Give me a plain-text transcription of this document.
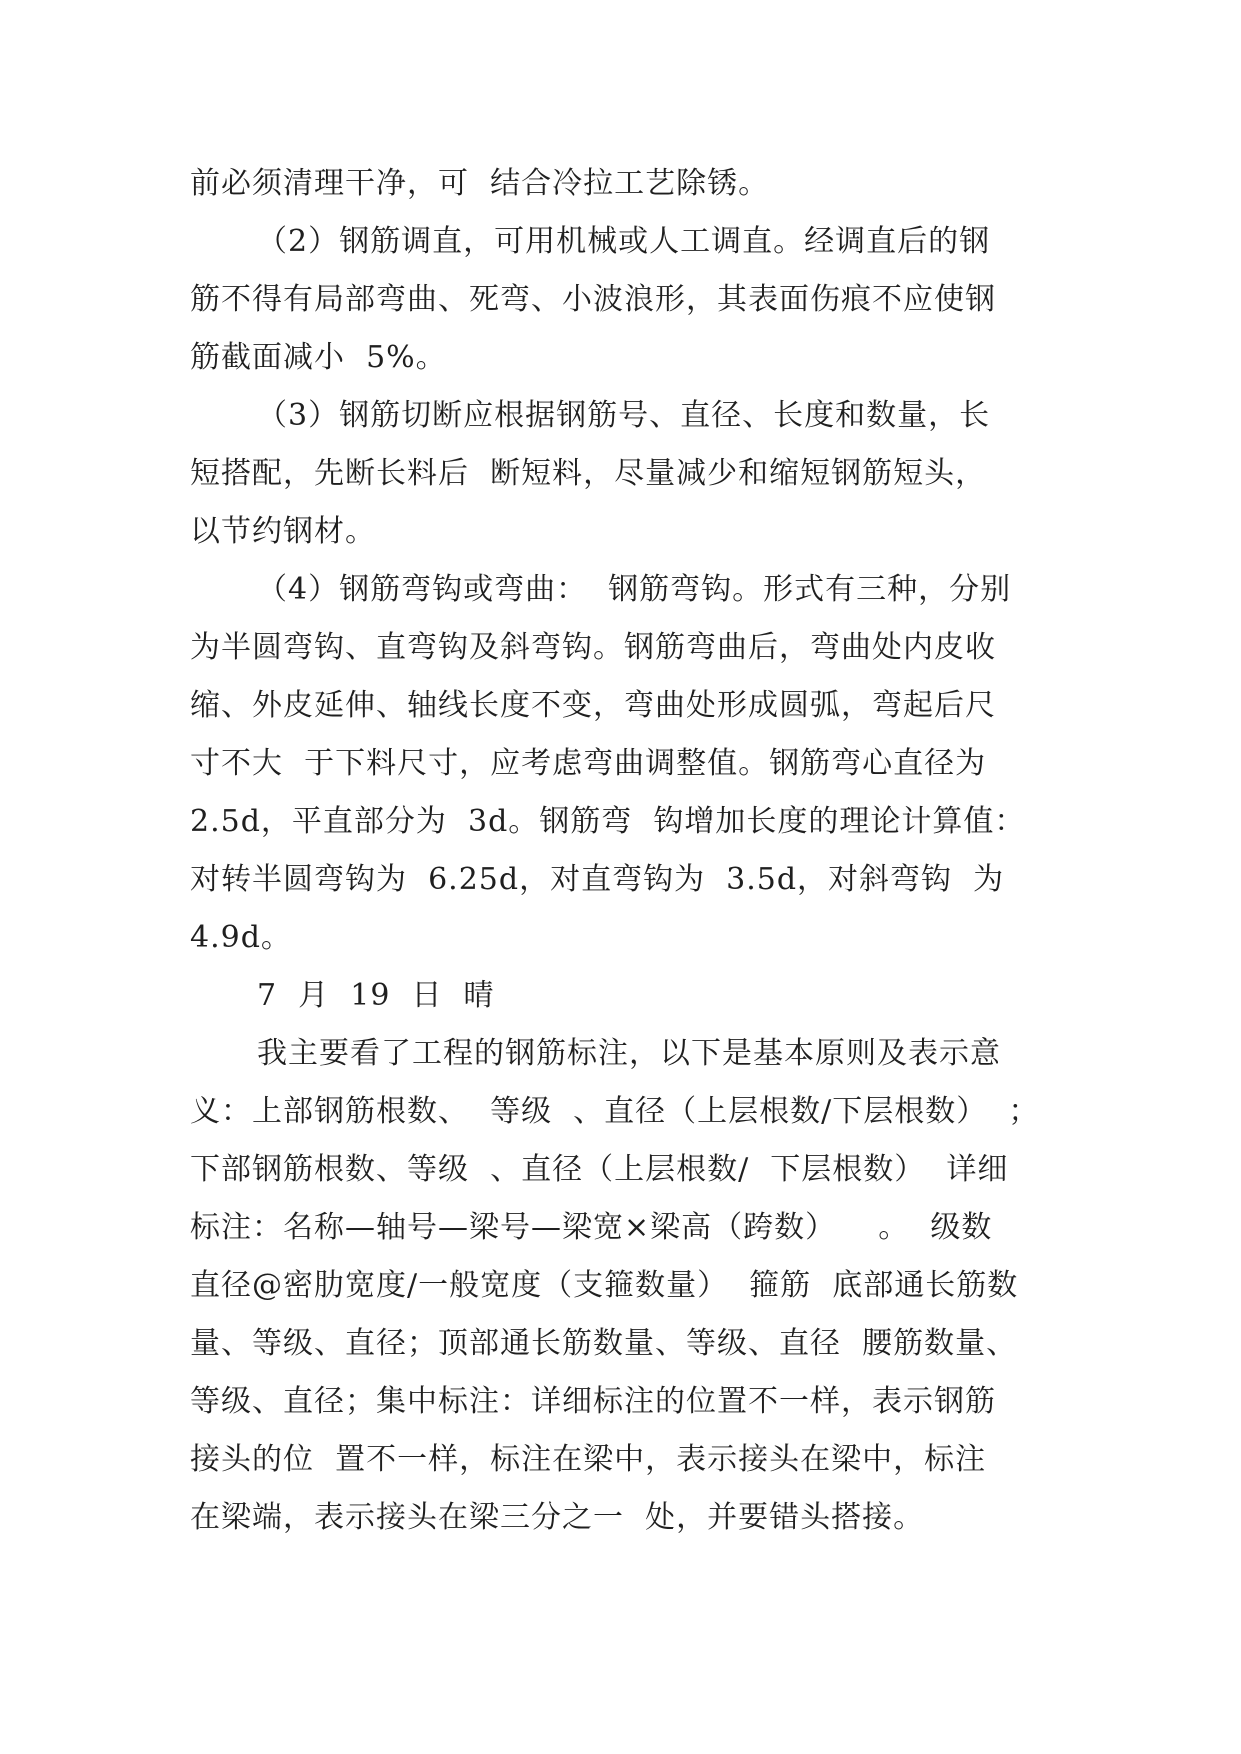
前必须清理干净，可  结合冷拉工艺除锈。
（2）钢筋调直，可用机械或人工调直。经调直后的钢
筋不得有局部弯曲、死弯、小波浪形，其表面伤痕不应使钢
筋截面减小  5%。
（3）钢筋切断应根据钢筋号、直径、长度和数量，长
短搭配，先断长料后  断短料，尽量减少和缩短钢筋短头，
以节约钢材。
（4）钢筋弯钩或弯曲：  钢筋弯钩。形式有三种，分别
为半圆弯钩、直弯钩及斜弯钩。钢筋弯曲后，弯曲处内皮收
缩、外皮延伸、轴线长度不变，弯曲处形成圆弧，弯起后尺
寸不大  于下料尺寸，应考虑弯曲调整值。钢筋弯心直径为
2.5d，平直部分为  3d。钢筋弯  钩增加长度的理论计算值：
对转半圆弯钩为  6.25d，对直弯钩为  3.5d，对斜弯钩  为
4.9d。
7  月  19  日  晴
我主要看了工程的钢筋标注，以下是基本原则及表示意
义：上部钢筋根数、  等级  、直径（上层根数/下层根数）  ；
下部钢筋根数、等级  、直径（上层根数/  下层根数）  详细
标注：名称—轴号—梁号—梁宽×梁高（跨数）    。  级数
直径@密肋宽度/一般宽度（支箍数量）  箍筋  底部通长筋数
量、等级、直径；顶部通长筋数量、等级、直径  腰筋数量、
等级、直径；集中标注：详细标注的位置不一样，表示钢筋
接头的位  置不一样，标注在梁中，表示接头在梁中，标注
在梁端，表示接头在梁三分之一  处，并要错头搭接。
